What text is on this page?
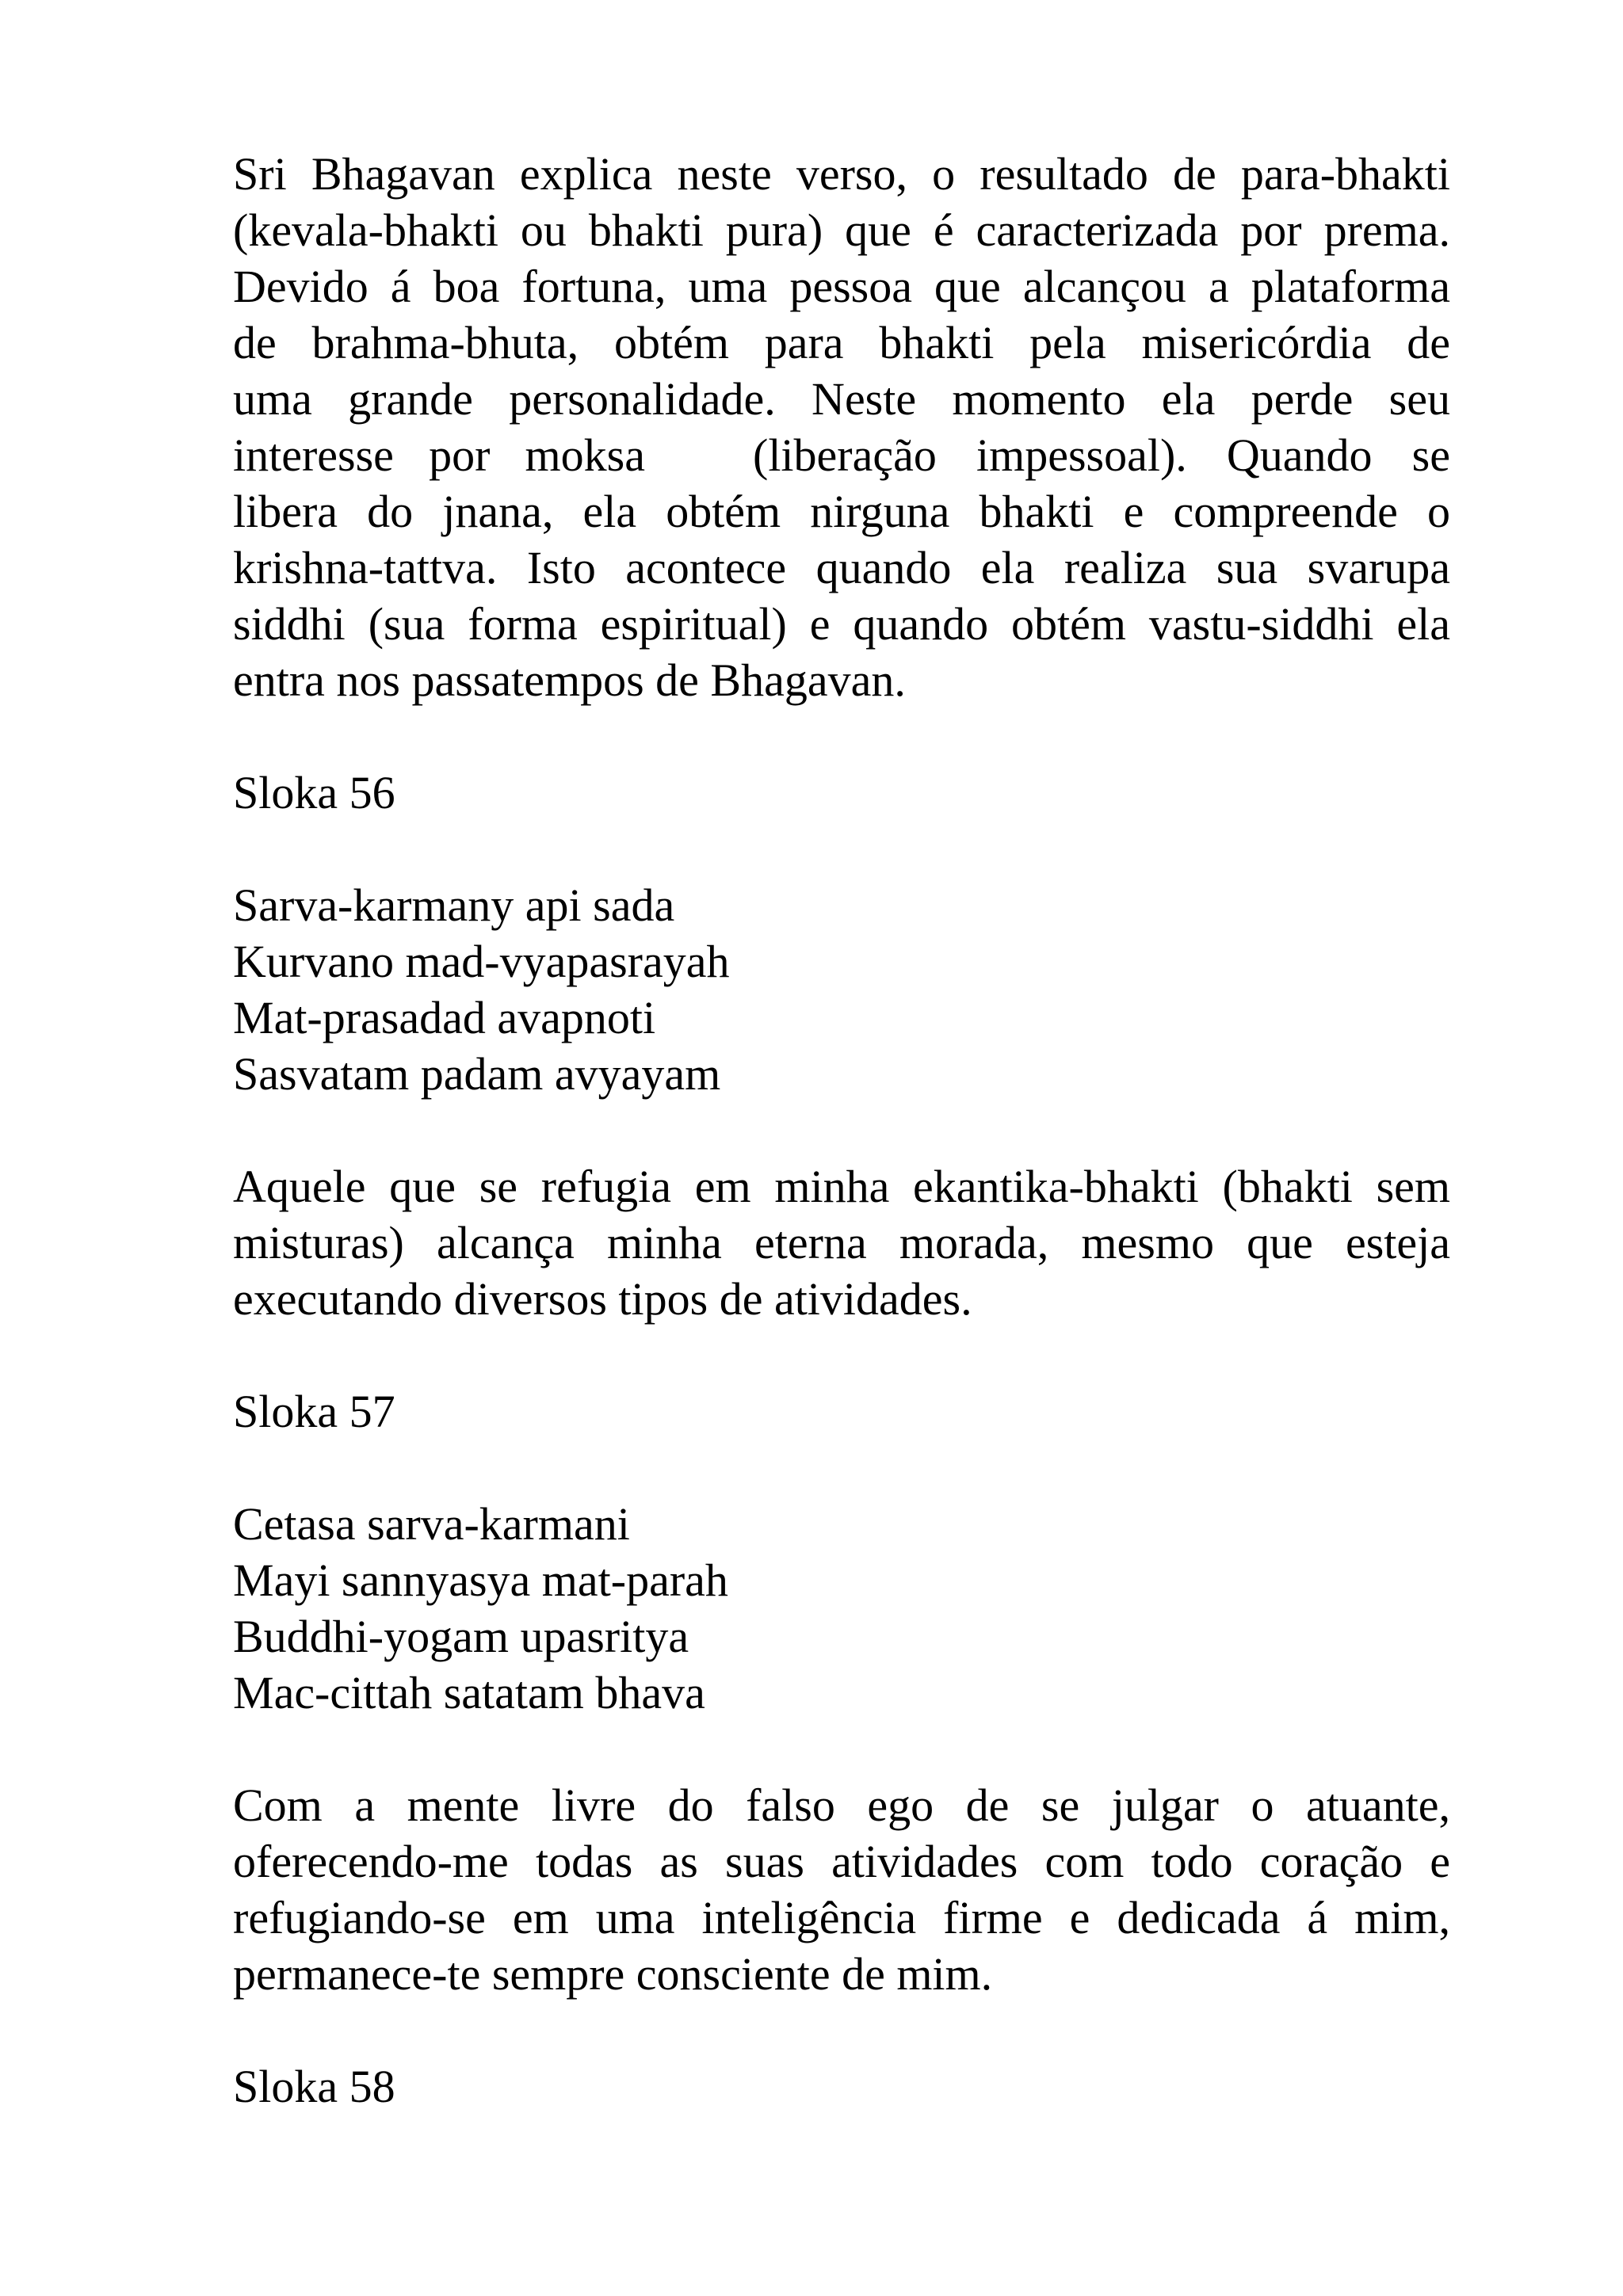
Sri Bhagavan explica neste verso, o resultado de para-bhakti
(kevala-bhakti ou bhakti pura) que é caracterizada por prema.
Devido á boa fortuna, uma pessoa que alcançou a plataforma
de brahma-bhuta, obtém para bhakti pela misericórdia de
uma grande personalidade. Neste momento ela perde seu
interesse por moksa (liberação impessoal). Quando se
libera do jnana, ela obtém nirguna bhakti e compreende o
krishna-tattva. Isto acontece quando ela realiza sua svarupa
siddhi (sua forma espiritual) e quando obtém vastu-siddhi ela
entra nos passatempos de Bhagavan.

Sloka 56

Sarva-karmany api sada
Kurvano mad-vyapasrayah
Mat-prasadad avapnoti
Sasvatam padam avyayam
Aquele que se refugia em minha ekantika-bhakti (bhakti sem
misturas) alcança minha eterna morada, mesmo que esteja
executando diversos tipos de atividades.

Sloka 57

Cetasa sarva-karmani
Mayi sannyasya mat-parah
Buddhi-yogam upasritya
Mac-cittah satatam bhava
Com a mente livre do falso ego de se julgar o atuante,
oferecendo-me todas as suas atividades com todo coração e
refugiando-se em uma inteligência firme e dedicada á mim,
permanece-te sempre consciente de mim.

Sloka 58
